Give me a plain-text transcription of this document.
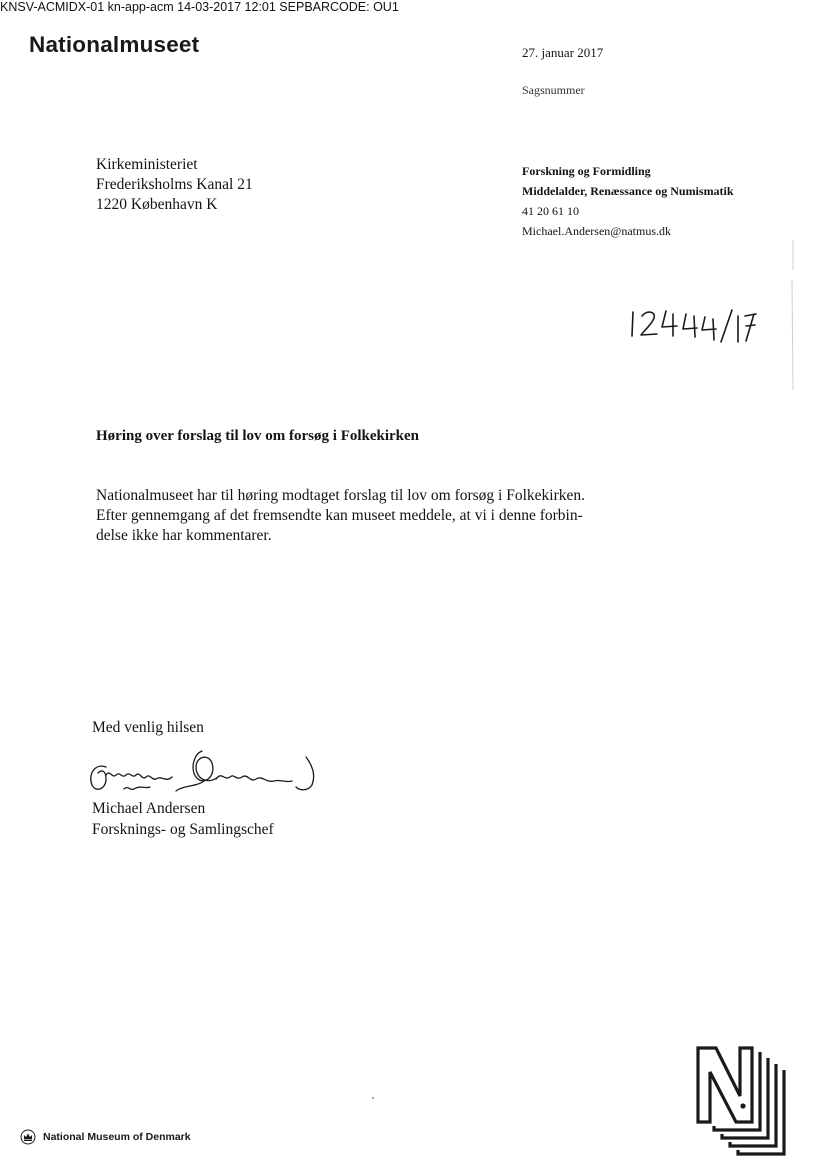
KNSV-ACMIDX-01 kn-app-acm 14-03-2017 12:01 SEPBARCODE: OU1
Nationalmuseet	27. januar 2017
Sagsnummer
Kirkeministeriet
Frederiksholms Kanal 21
1220 København K
Forskning og Formidling
Middelalder, Renæssance og Numismatik
41 20 61 10
Michael.Andersen@natmus.dk
Høring over forslag til lov om forsøg i Folkekirken
Nationalmuseet har til høring modtaget forslag til lov om forsøg i Folkekirken.
Efter gennemgang af det fremsendte kan museet meddele, at vi i denne forbin-
delse ikke har kommentarer.
Med venlig hilsen
Michael Andersen
Forsknings- og Samlingschef
National Museum of Denmark
